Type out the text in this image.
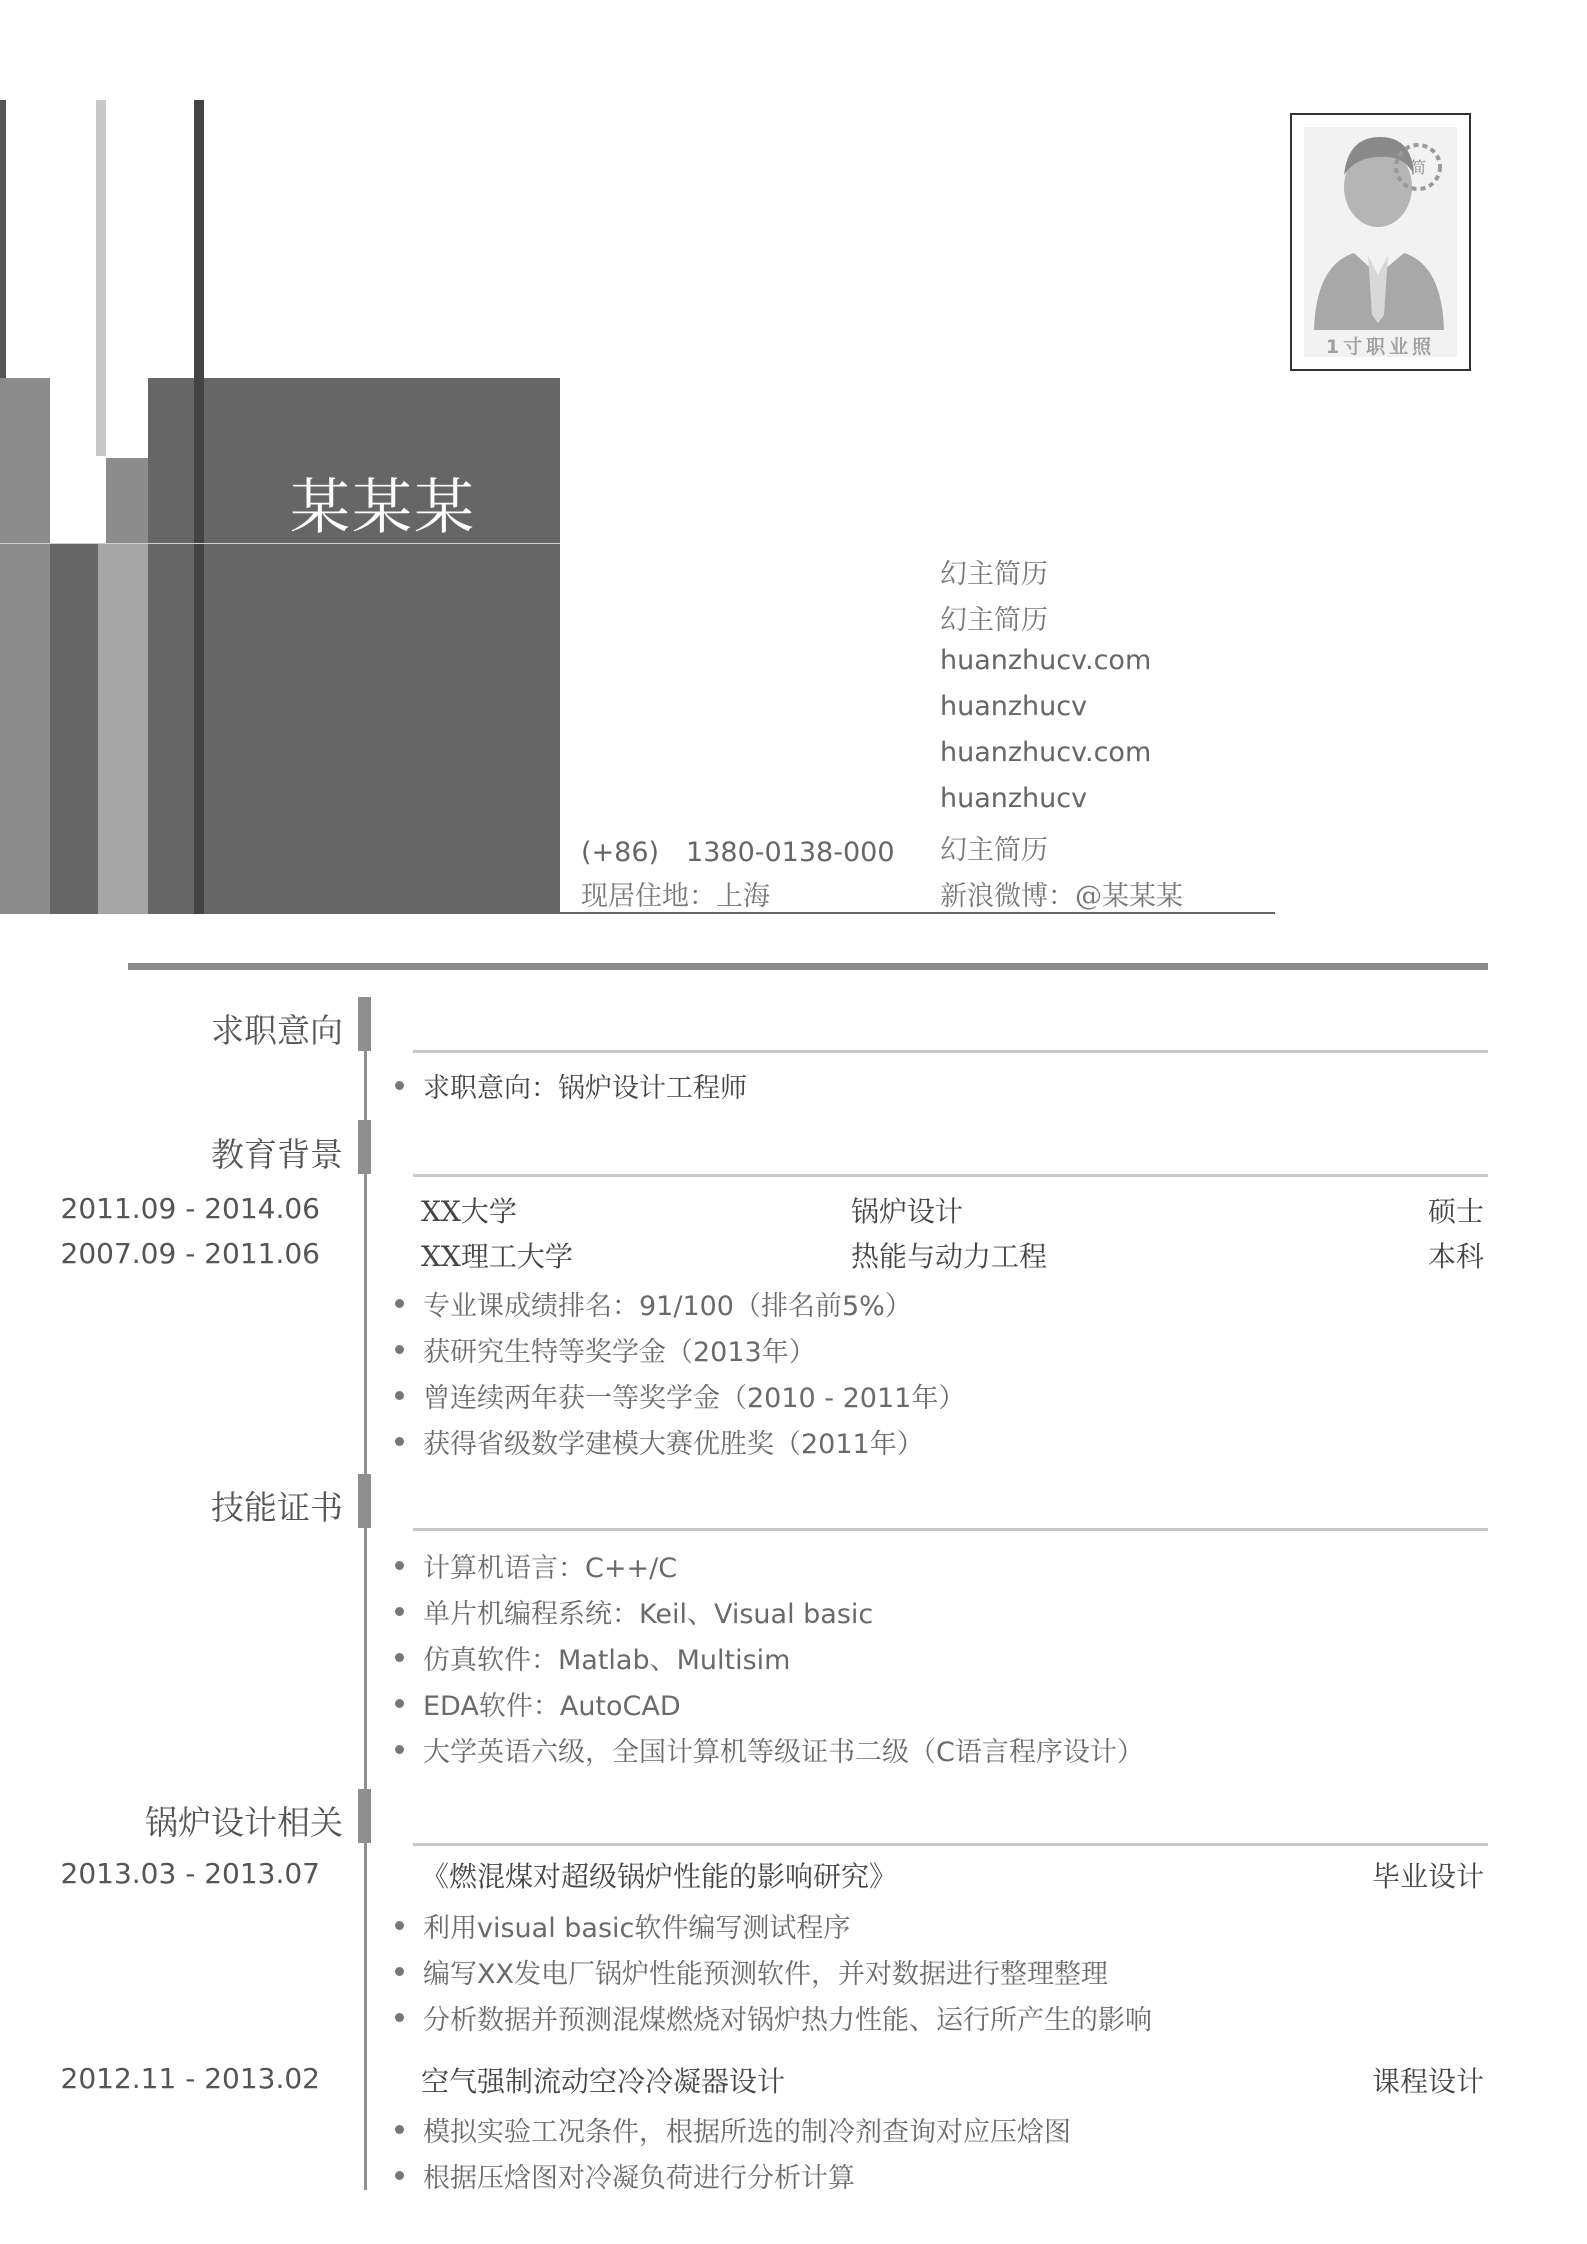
某某某
简
1寸职业照
幻主简历
幻主简历
huanzhucv.com
huanzhucv
huanzhucv.com
huanzhucv
幻主简历
新浪微博：@某某某
(+86)　1380-0138-000
现居住地：上海
求职意向
求职意向：锅炉设计工程师
教育背景
2011.09 - 2014.06	XX大学	锅炉设计	硕士
2007.09 - 2011.06	XX理工大学	热能与动力工程	本科
专业课成绩排名：91/100（排名前5%）
获研究生特等奖学金（2013年）
曾连续两年获一等奖学金（2010 - 2011年）
获得省级数学建模大赛优胜奖（2011年）
技能证书
计算机语言：C++/C
单片机编程系统：Keil、Visual basic
仿真软件：Matlab、Multisim
EDA软件：AutoCAD
大学英语六级，全国计算机等级证书二级（C语言程序设计）
锅炉设计相关
2013.03 - 2013.07	《燃混煤对超级锅炉性能的影响研究》	毕业设计
利用visual basic软件编写测试程序
编写XX发电厂锅炉性能预测软件，并对数据进行整理整理
分析数据并预测混煤燃烧对锅炉热力性能、运行所产生的影响
2012.11 - 2013.02	空气强制流动空冷冷凝器设计	课程设计
模拟实验工况条件，根据所选的制冷剂查询对应压焓图
根据压焓图对冷凝负荷进行分析计算
